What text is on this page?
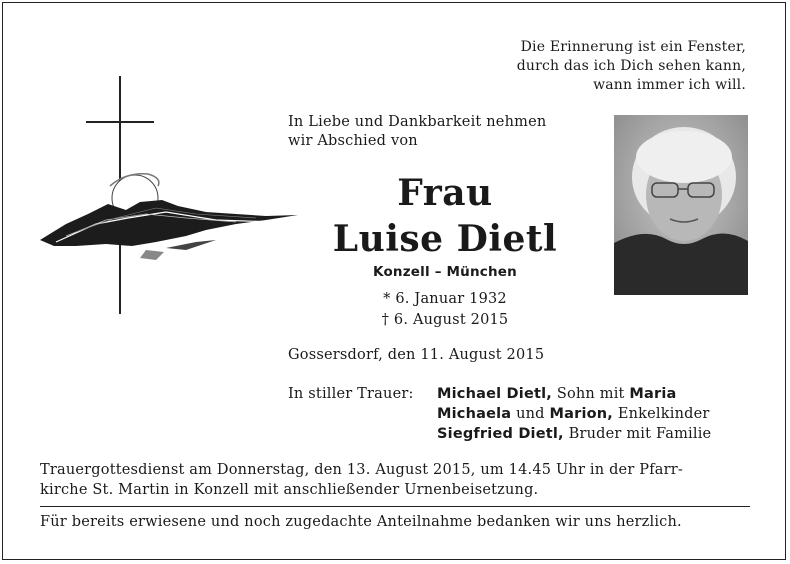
Die Erinnerung ist ein Fenster,
durch das ich Dich sehen kann,
wann immer ich will.
In Liebe und Dankbarkeit nehmen
wir Abschied von
Frau
Luise Dietl
Konzell – München
* 6. Januar 1932
† 6. August 2015
Gossersdorf, den 11. August 2015
In stiller Trauer: Michael Dietl, Sohn mit Maria
Michaela und Marion, Enkelkinder
Siegfried Dietl, Bruder mit Familie
Trauergottesdienst am Donnerstag, den 13. August 2015, um 14.45 Uhr in der Pfarr-
kirche St. Martin in Konzell mit anschließender Urnenbeisetzung.
Für bereits erwiesene und noch zugedachte Anteilnahme bedanken wir uns herzlich.
